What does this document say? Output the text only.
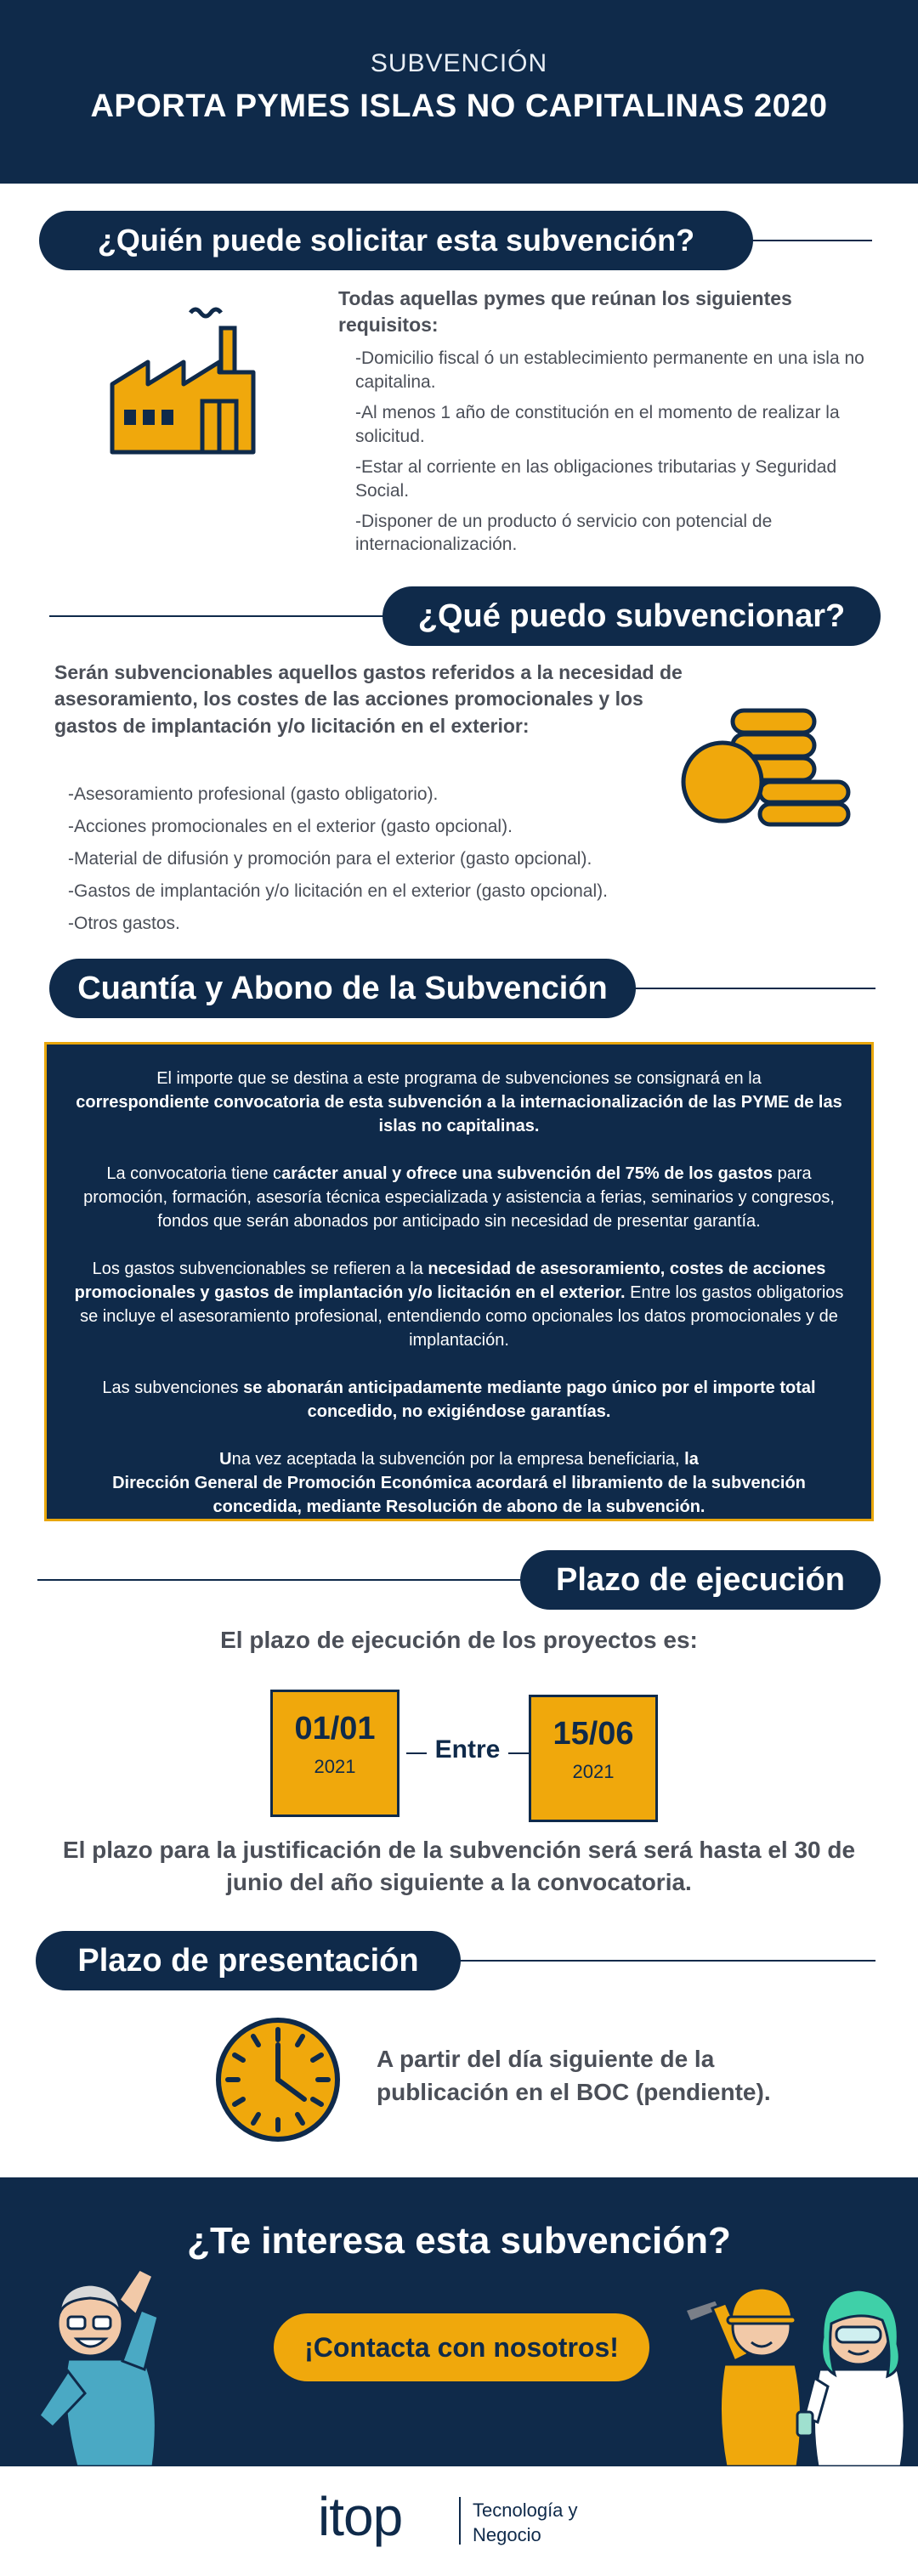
SUBVENCIÓN
APORTA PYMES ISLAS NO CAPITALINAS 2020
¿Quién puede solicitar esta subvención?
Todas aquellas pymes que reúnan los siguientes requisitos:
-Domicilio fiscal ó un establecimiento permanente en una isla no capitalina.
-Al menos 1 año de constitución en el momento de realizar la solicitud.
-Estar al corriente en las obligaciones tributarias y Seguridad Social.
-Disponer de un producto ó servicio con potencial de internacionalización.
¿Qué puedo subvencionar?
Serán subvencionables aquellos gastos referidos a la necesidad de asesoramiento, los costes de las acciones promocionales y los gastos de implantación y/o licitación en el exterior:
-Asesoramiento profesional (gasto obligatorio).
-Acciones promocionales en el exterior (gasto opcional).
-Material de difusión y promoción para el exterior (gasto opcional).
-Gastos de implantación y/o licitación en el exterior (gasto opcional).
-Otros gastos.
Cuantía y Abono de la Subvención

El importe que se destina a este programa de subvenciones se consignará en la
correspondiente convocatoria de esta subvención a la internacionalización de las PYME de las islas no capitalinas.

La convocatoria tiene carácter anual y ofrece una subvención del 75% de los gastos para promoción, formación, asesoría técnica especializada y asistencia a ferias, seminarios y congresos, fondos que serán abonados por anticipado sin necesidad de presentar garantía.

Los gastos subvencionables se refieren a la necesidad de asesoramiento, costes de acciones promocionales y gastos de implantación y/o licitación en el exterior. Entre los gastos obligatorios se incluye el asesoramiento profesional, entendiendo como opcionales los datos promocionales y de implantación.

Las subvenciones se abonarán anticipadamente mediante pago único por el importe total concedido, no exigiéndose garantías.

Una vez aceptada la subvención por la empresa beneficiaria, la
Dirección General de Promoción Económica acordará el libramiento de la subvención concedida, mediante Resolución de abono de la subvención.

Plazo de ejecución
El plazo de ejecución de los proyectos es:
01/01
2021
Entre	15/06
2021
El plazo para la justificación de la subvención será será hasta el 30 de junio del año siguiente a la convocatoria.
Plazo de presentación
A partir del día siguiente de la publicación en el BOC (pendiente).
¿Te interesa esta subvención?
¡Contacta con nosotros!
itop	Tecnología y
Negocio
